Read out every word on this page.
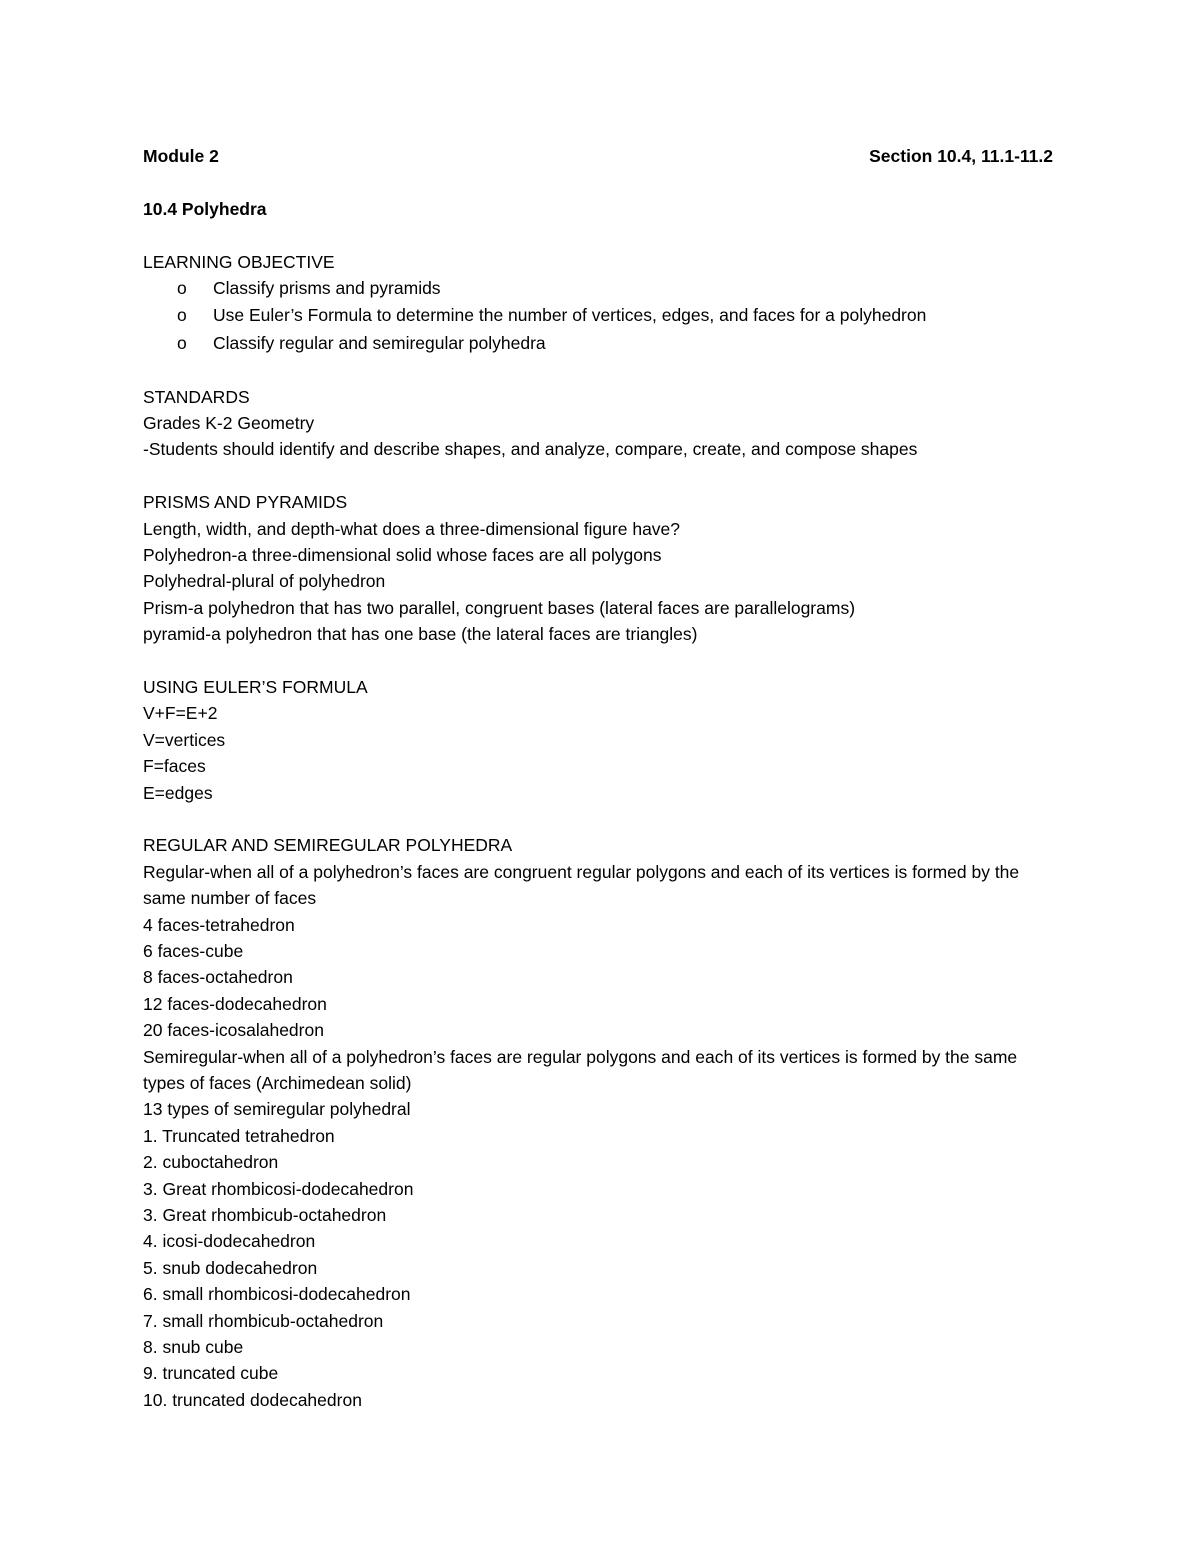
Module 2	Section 10.4, 11.1-11.2
10.4 Polyhedra
LEARNING OBJECTIVE
o	Classify prisms and pyramids
o	Use Euler’s Formula to determine the number of vertices, edges, and faces for a polyhedron
o	Classify regular and semiregular polyhedra
STANDARDS
Grades K-2 Geometry
-Students should identify and describe shapes, and analyze, compare, create, and compose shapes
PRISMS AND PYRAMIDS
Length, width, and depth-what does a three-dimensional figure have?
Polyhedron-a three-dimensional solid whose faces are all polygons
Polyhedral-plural of polyhedron
Prism-a polyhedron that has two parallel, congruent bases (lateral faces are parallelograms)
pyramid-a polyhedron that has one base (the lateral faces are triangles)
USING EULER’S FORMULA
V+F=E+2
V=vertices
F=faces
E=edges
REGULAR AND SEMIREGULAR POLYHEDRA
Regular-when all of a polyhedron’s faces are congruent regular polygons and each of its vertices is formed by the same number of faces
4 faces-tetrahedron
6 faces-cube
8 faces-octahedron
12 faces-dodecahedron
20 faces-icosalahedron
Semiregular-when all of a polyhedron’s faces are regular polygons and each of its vertices is formed by the same types of faces (Archimedean solid)
13 types of semiregular polyhedral
1. Truncated tetrahedron
2. cuboctahedron
3. Great rhombicosi-dodecahedron
3. Great rhombicub-octahedron
4. icosi-dodecahedron
5. snub dodecahedron
6. small rhombicosi-dodecahedron
7. small rhombicub-octahedron
8. snub cube
9. truncated cube
10. truncated dodecahedron
